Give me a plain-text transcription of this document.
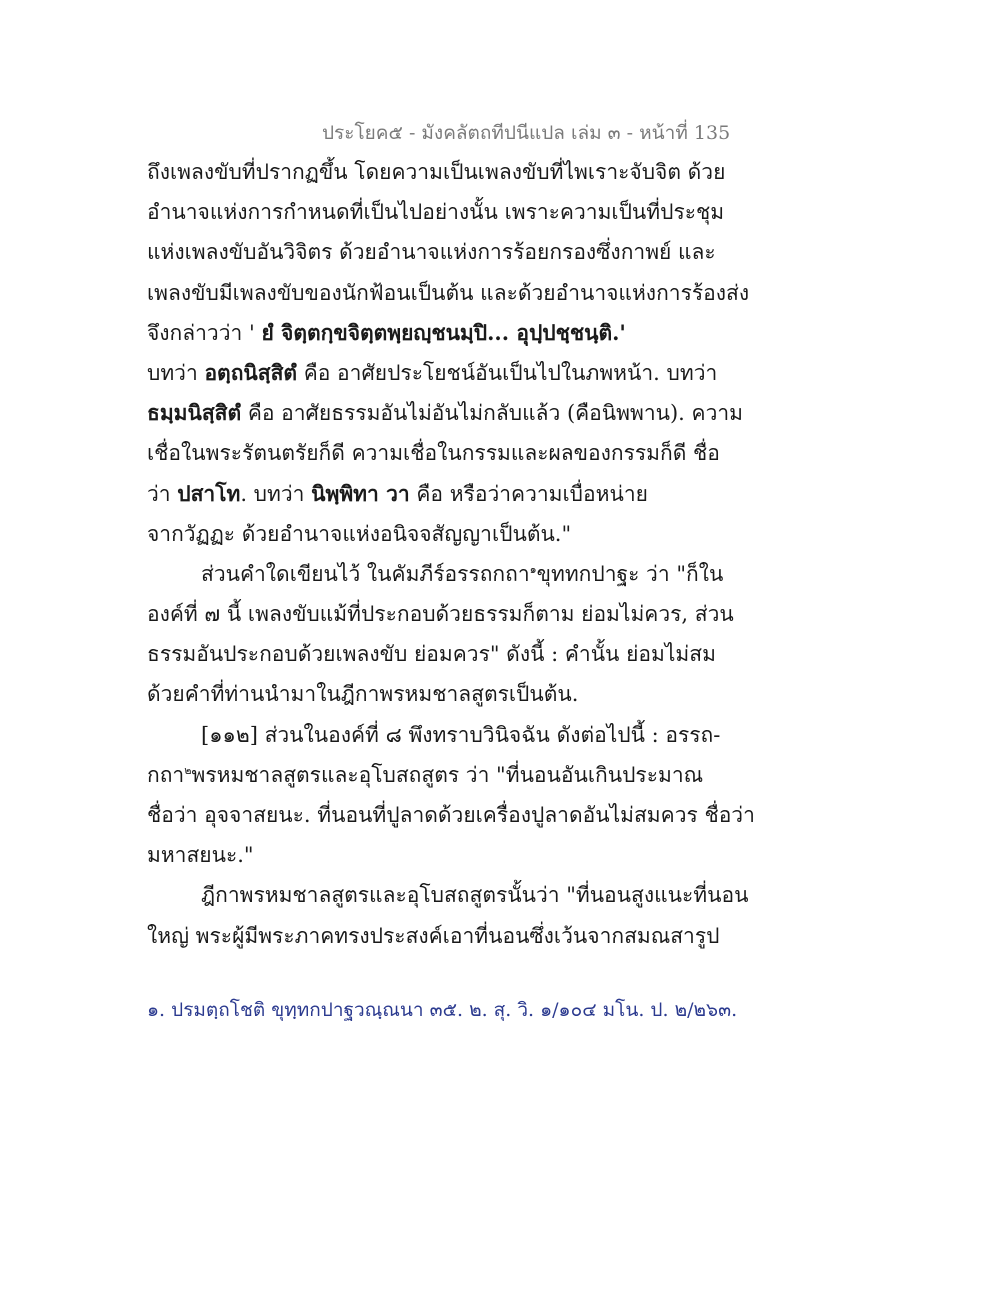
ประโยค๕ - มังคลัตถทีปนีแปล เล่ม ๓ - หน้าที่ 135
ถึงเพลงขับที่ปรากฏขึ้น โดยความเป็นเพลงขับที่ไพเราะจับจิต ด้วย
อำนาจแห่งการกำหนดที่เป็นไปอย่างนั้น เพราะความเป็นที่ประชุม
แห่งเพลงขับอันวิจิตร ด้วยอำนาจแห่งการร้อยกรองซึ่งกาพย์ และ
เพลงขับมีเพลงขับของนักฟ้อนเป็นต้น และด้วยอำนาจแห่งการร้องส่ง
จึงกล่าวว่า ' ยํ จิตฺตกฺขจิตฺตพฺยญฺชนมฺปิ... อุปฺปชฺชนฺติ.'
บทว่า อตฺถนิสฺสิตํ คือ อาศัยประโยชน์อันเป็นไปในภพหน้า. บทว่า
ธมฺมนิสฺสิตํ คือ อาศัยธรรมอันไม่อันไม่กลับแล้ว (คือนิพพาน). ความ
เชื่อในพระรัตนตรัยก็ดี ความเชื่อในกรรมและผลของกรรมก็ดี ชื่อ
ว่า ปสาโท. บทว่า นิพฺพิทา วา คือ หรือว่าความเบื่อหน่าย
จากวัฏฏะ ด้วยอำนาจแห่งอนิจจสัญญาเป็นต้น."
ส่วนคำใดเขียนไว้ ในคัมภีร์อรรถกถา$^๑$ขุททกปาฐะ ว่า "ก็ใน
องค์ที่ ๗ นี้ เพลงขับแม้ที่ประกอบด้วยธรรมก็ตาม ย่อมไม่ควร, ส่วน
ธรรมอันประกอบด้วยเพลงขับ ย่อมควร" ดังนี้ : คำนั้น ย่อมไม่สม
ด้วยคำที่ท่านนำมาในฎีกาพรหมชาลสูตรเป็นต้น.
[๑๑๒] ส่วนในองค์ที่ ๘ พึงทราบวินิจฉัน ดังต่อไปนี้ : อรรถ-
กถา$^๒$พรหมชาลสูตรและอุโบสถสูตร ว่า "ที่นอนอันเกินประมาณ
ชื่อว่า อุจจาสยนะ. ที่นอนที่ปูลาดด้วยเครื่องปูลาดอันไม่สมควร ชื่อว่า
มหาสยนะ."
ฎีกาพรหมชาลสูตรและอุโบสถสูตรนั้นว่า "ที่นอนสูงแนะที่นอน
ใหญ่ พระผู้มีพระภาคทรงประสงค์เอาที่นอนซึ่งเว้นจากสมณสารูป
๑. ปรมตฺถโชติ ขุทฺทกปาฐวณฺณนา ๓๕. ๒. สุ. วิ. ๑/๑๐๔ มโน. ป. ๒/๒๖๓.
